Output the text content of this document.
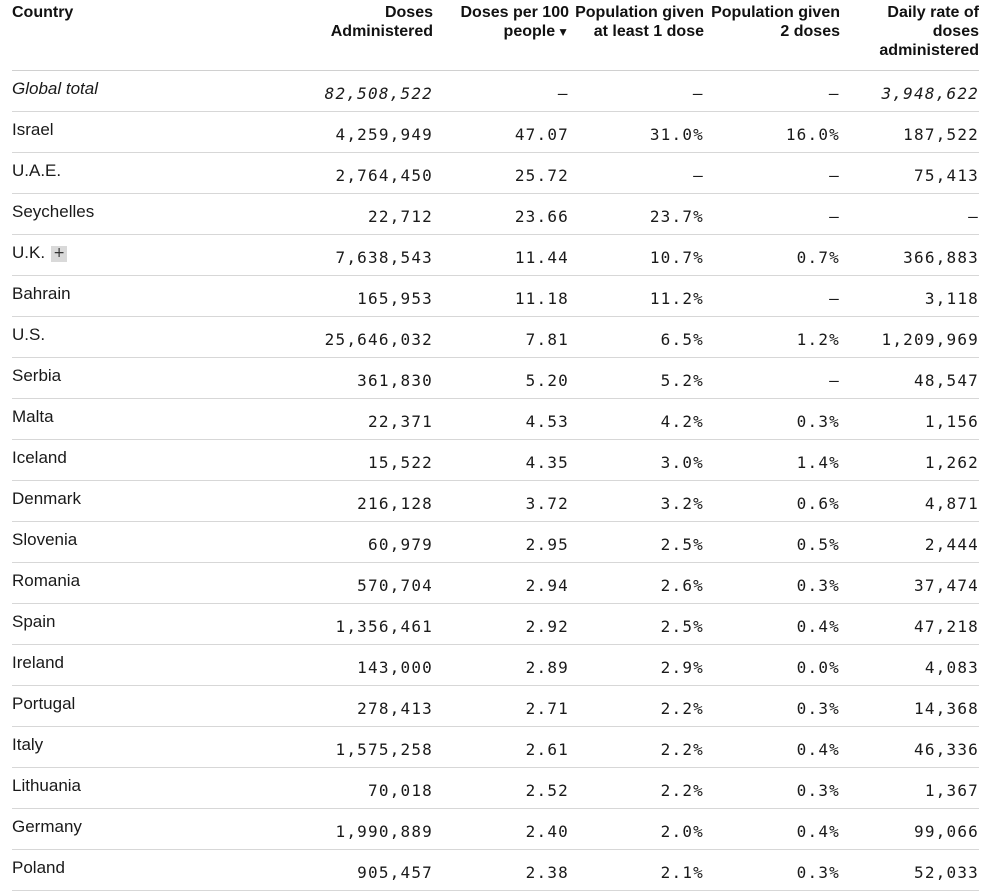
Country	Doses Administered	Doses per 100 people ▼	Population given at least 1 dose	Population given 2 doses	Daily rate of doses administered

Global total	82,508,522	–	–	–	3,948,622
Israel	4,259,949	47.07	31.0%	16.0%	187,522
U.A.E.	2,764,450	25.72	–	–	75,413
Seychelles	22,712	23.66	23.7%	–	–
U.K. +	7,638,543	11.44	10.7%	0.7%	366,883
Bahrain	165,953	11.18	11.2%	–	3,118
U.S.	25,646,032	7.81	6.5%	1.2%	1,209,969
Serbia	361,830	5.20	5.2%	–	48,547
Malta	22,371	4.53	4.2%	0.3%	1,156
Iceland	15,522	4.35	3.0%	1.4%	1,262
Denmark	216,128	3.72	3.2%	0.6%	4,871
Slovenia	60,979	2.95	2.5%	0.5%	2,444
Romania	570,704	2.94	2.6%	0.3%	37,474
Spain	1,356,461	2.92	2.5%	0.4%	47,218
Ireland	143,000	2.89	2.9%	0.0%	4,083
Portugal	278,413	2.71	2.2%	0.3%	14,368
Italy	1,575,258	2.61	2.2%	0.4%	46,336
Lithuania	70,018	2.52	2.2%	0.3%	1,367
Germany	1,990,889	2.40	2.0%	0.4%	99,066
Poland	905,457	2.38	2.1%	0.3%	52,033
